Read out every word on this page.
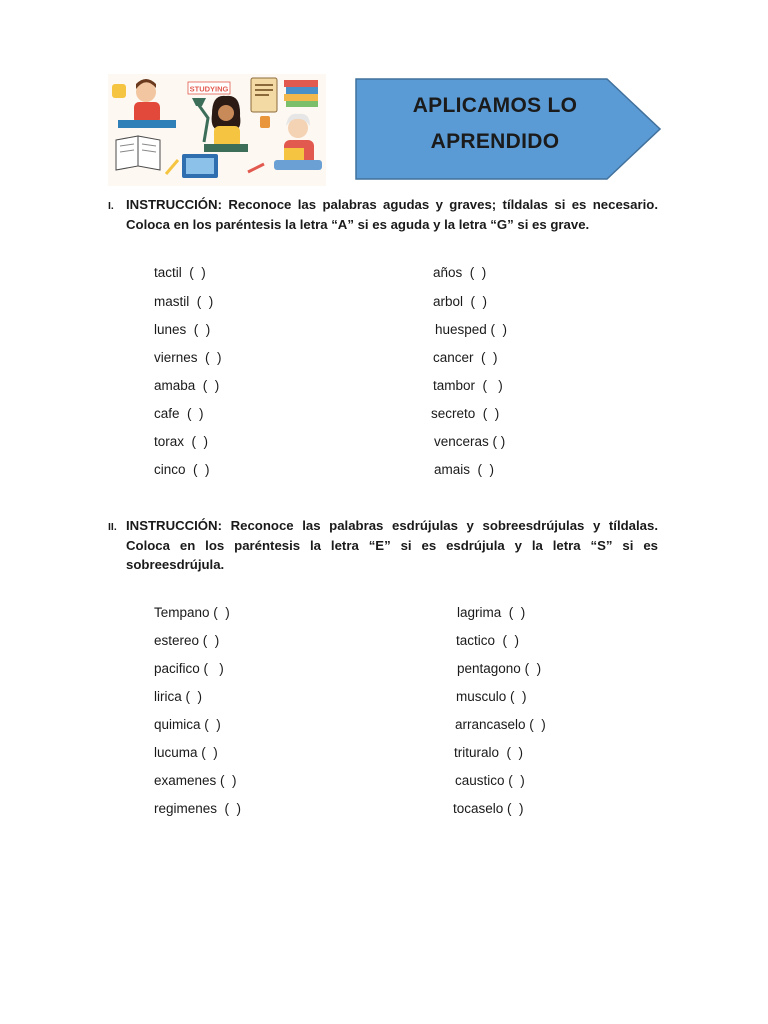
STUDYING
APLICAMOS LO
APRENDIDO
I. INSTRUCCIÓN: Reconoce las palabras agudas y graves; tíldalas si es necesario. Coloca en los paréntesis la letra “A” si es aguda y la letra “G” si es grave.
tactil  (  )
mastil  (  )
lunes  (  )
viernes  (  )
amaba  (  )
cafe  (  )
torax  (  )
cinco  (  )
años  (  )
arbol  (  )
huesped (  )
cancer  (  )
tambor  (   )
secreto  (  )
venceras ( )
amais  (  )
II. INSTRUCCIÓN: Reconoce las palabras esdrújulas y sobreesdrújulas y tíldalas. Coloca en los paréntesis la letra “E” si es esdrújula y la letra “S” si es sobreesdrújula.
Tempano (  )
estereo (  )
pacifico (   )
lirica (  )
quimica (  )
lucuma (  )
examenes (  )
regimenes  (  )
lagrima  (  )
tactico  (  )
pentagono (  )
musculo (  )
arrancaselo (  )
trituralo  (  )
caustico (  )
tocaselo (  )
